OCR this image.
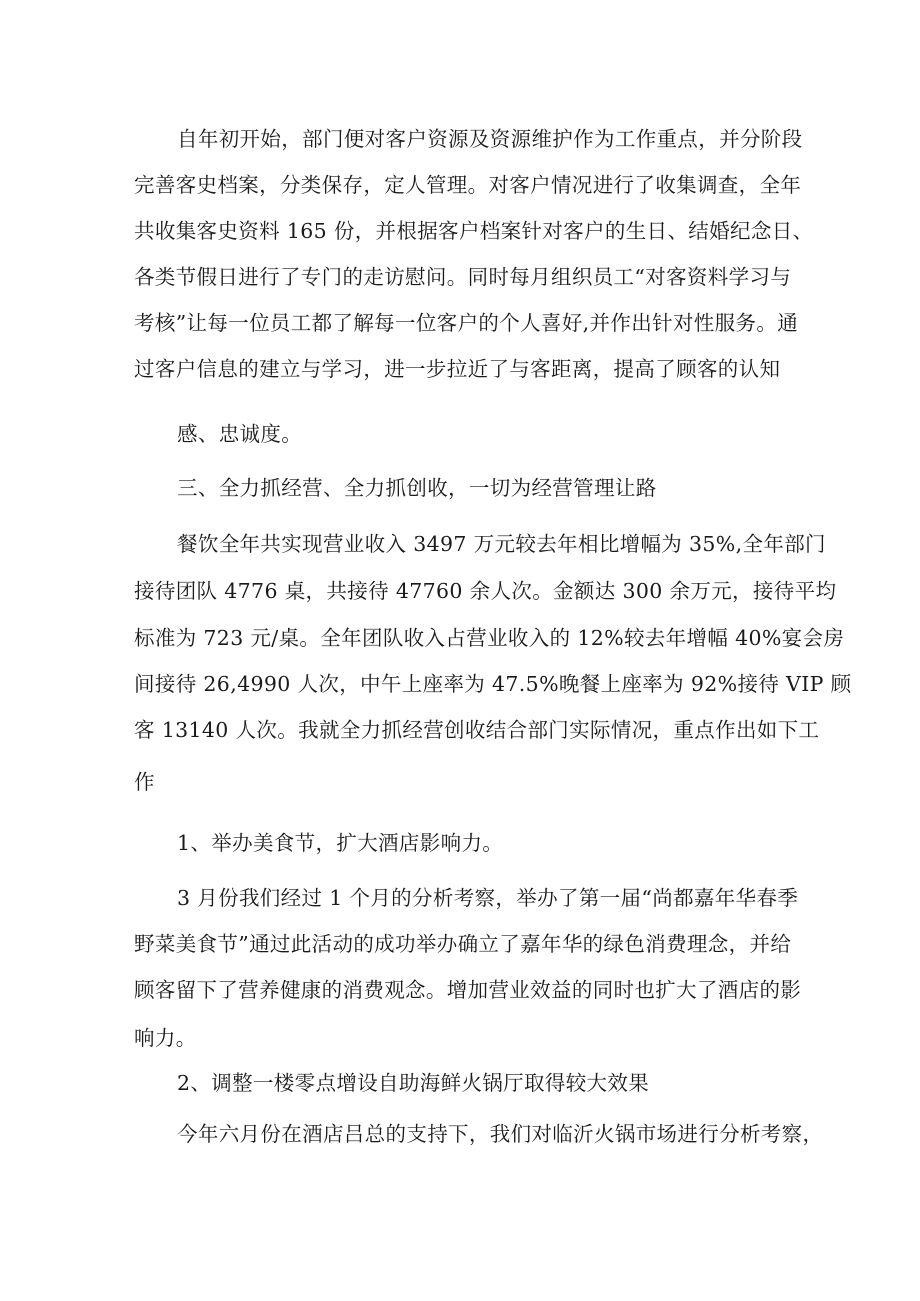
自年初开始，部门便对客户资源及资源维护作为工作重点，并分阶段
完善客史档案，分类保存，定人管理。对客户情况进行了收集调查，全年
共收集客史资料 165 份，并根据客户档案针对客户的生日、结婚纪念日、
各类节假日进行了专门的走访慰问。同时每月组织员工“对客资料学习与
考核”让每一位员工都了解每一位客户的个人喜好,并作出针对性服务。通
过客户信息的建立与学习，进一步拉近了与客距离，提高了顾客的认知
感、忠诚度。
三、全力抓经营、全力抓创收，一切为经营管理让路
餐饮全年共实现营业收入 3497 万元较去年相比增幅为 35%,全年部门
接待团队 4776 桌，共接待 47760 余人次。金额达 300 余万元，接待平均
标准为 723 元/桌。全年团队收入占营业收入的 12%较去年增幅 40%宴会房
间接待 26,4990 人次，中午上座率为 47.5%晚餐上座率为 92%接待 VIP 顾
客 13140 人次。我就全力抓经营创收结合部门实际情况，重点作出如下工
作
1、举办美食节，扩大酒店影响力。
3 月份我们经过 1 个月的分析考察，举办了第一届“尚都嘉年华春季
野菜美食节”通过此活动的成功举办确立了嘉年华的绿色消费理念，并给
顾客留下了营养健康的消费观念。增加营业效益的同时也扩大了酒店的影
响力。
2、调整一楼零点增设自助海鲜火锅厅取得较大效果
今年六月份在酒店吕总的支持下，我们对临沂火锅市场进行分析考察，
